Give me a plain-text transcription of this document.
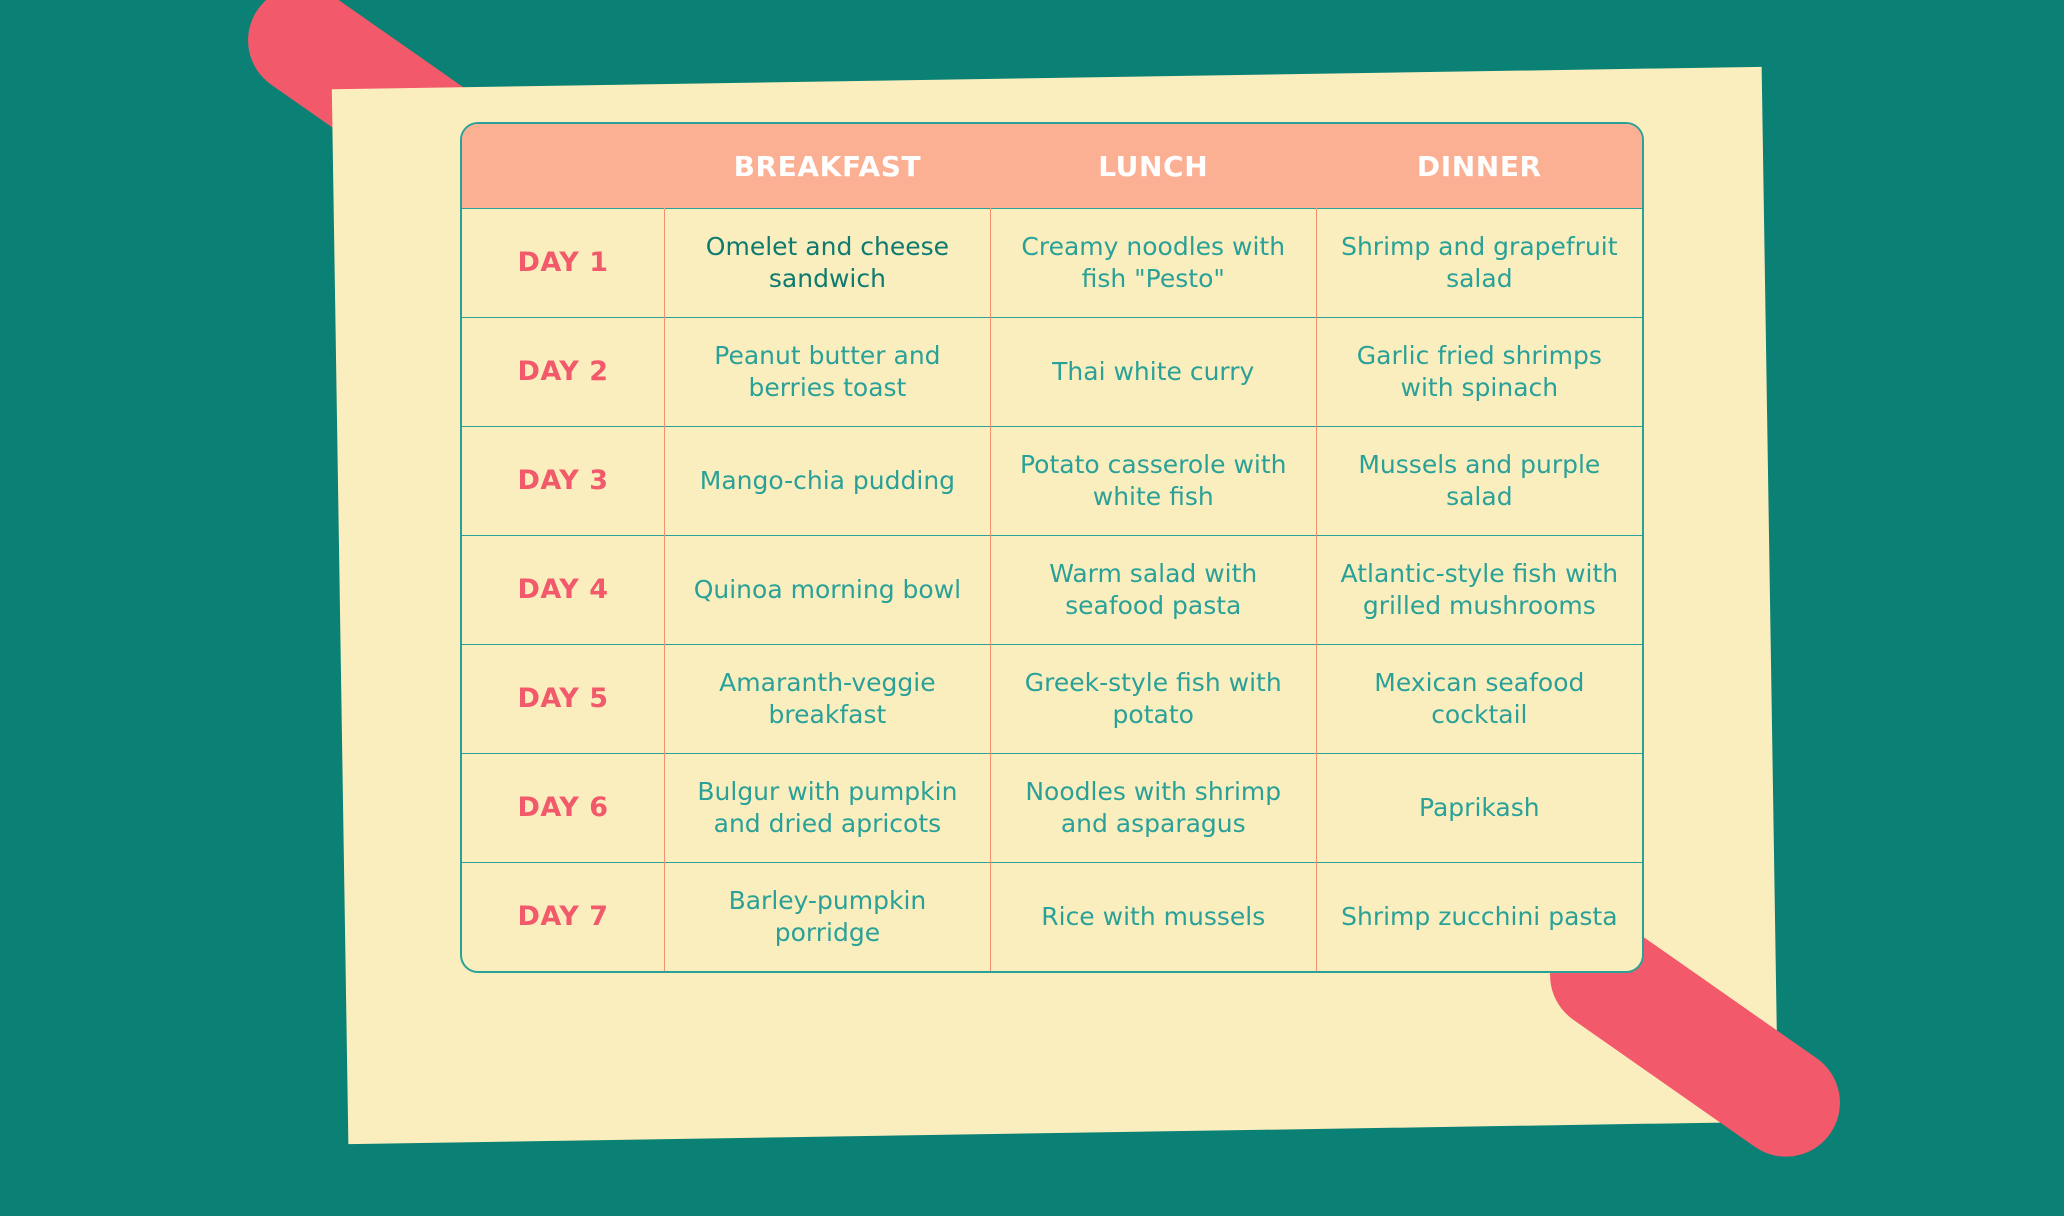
	BREAKFAST	LUNCH	DINNER
DAY 1	Omelet and cheese sandwich	Creamy noodles with fish "Pesto"	Shrimp and grapefruit salad
DAY 2	Peanut butter and berries toast	Thai white curry	Garlic fried shrimps with spinach
DAY 3	Mango-chia pudding	Potato casserole with white fish	Mussels and purple salad
DAY 4	Quinoa morning bowl	Warm salad with seafood pasta	Atlantic-style fish with grilled mushrooms
DAY 5	Amaranth-veggie breakfast	Greek-style fish with potato	Mexican seafood cocktail
DAY 6	Bulgur with pumpkin and dried apricots	Noodles with shrimp and asparagus	Paprikash
DAY 7	Barley-pumpkin porridge	Rice with mussels	Shrimp zucchini pasta
